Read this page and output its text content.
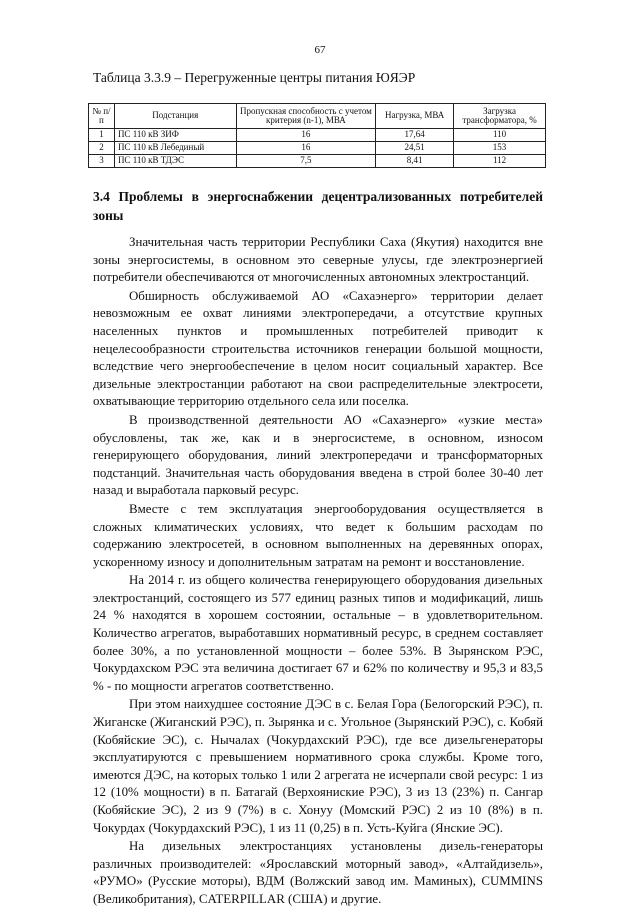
67
Таблица 3.3.9 – Перегруженные центры питания ЮЯЭР
№ п/п	Подстанция	Пропускная способность с учетом критерия (n-1), МВА	Нагрузка, МВА	Загрузка трансформатора, %
1	ПС 110 кВ ЗИФ	16	17,64	110
2	ПС 110 кВ Лебединый	16	24,51	153
3	ПС 110 кВ ТДЭС	7,5	8,41	112
3.4 Проблемы в энергоснабжении децентрализованных потребителей зоны

Значительная часть территории Республики Саха (Якутия) находится вне зоны энергосистемы, в основном это северные улусы, где электроэнергией потребители обеспечиваются от многочисленных автономных электростанций.

Обширность обслуживаемой АО «Сахаэнерго» территории делает невозможным ее охват линиями электропередачи, а отсутствие крупных населенных пунктов и промышленных потребителей приводит к нецелесообразности строительства источников генерации большой мощности, вследствие чего энергообеспечение в целом носит социальный характер. Все дизельные электростанции работают на свои распределительные электросети, охватывающие территорию отдельного села или поселка.

В производственной деятельности АО «Сахаэнерго» «узкие места» обусловлены, так же, как и в энергосистеме, в основном, износом генерирующего оборудования, линий электропередачи и трансформаторных подстанций. Значительная часть оборудования введена в строй более 30-40 лет назад и выработала парковый ресурс.

Вместе с тем эксплуатация энергооборудования осуществляется в сложных климатических условиях, что ведет к большим расходам по содержанию электросетей, в основном выполненных на деревянных опорах, ускоренному износу и дополнительным затратам на ремонт и восстановление.

На 2014 г. из общего количества генерирующего оборудования дизельных электростанций, состоящего из 577 единиц разных типов и модификаций, лишь 24 % находятся в хорошем состоянии, остальные – в удовлетворительном. Количество агрегатов, выработавших нормативный ресурс, в среднем составляет более 30%, а по установленной мощности – более 53%. В Зырянском РЭС, Чокурдахском РЭС эта величина достигает 67 и 62% по количеству и 95,3 и 83,5 % - по мощности агрегатов соответственно.

При этом наихудшее состояние ДЭС в с. Белая Гора (Белогорский РЭС), п. Жиганске (Жиганский РЭС), п. Зырянка и с. Угольное (Зырянский РЭС), с. Кобяй (Кобяйские ЭС), с. Нычалах (Чокурдахский РЭС), где все дизельгенераторы эксплуатируются с превышением нормативного срока службы. Кроме того, имеются ДЭС, на которых только 1 или 2 агрегата не исчерпали свой ресурс: 1 из 12 (10% мощности) в п. Батагай (Верхоянискиe РЭС), 3 из 13 (23%) п. Сангар (Кобяйские ЭС), 2 из 9 (7%) в с. Хонуу (Момский РЭС) 2 из 10 (8%) в п. Чокурдах (Чокурдахский РЭС), 1 из 11 (0,25) в п. Усть-Куйга (Янские ЭС).

На дизельных электростанциях установлены дизель-генераторы различных производителей: «Ярославский моторный завод», «Алтайдизель», «РУМО» (Русские моторы), ВДМ (Волжский завод им. Маминых), CUMMINS (Великобритания), CATERPILLAR (США) и другие.
